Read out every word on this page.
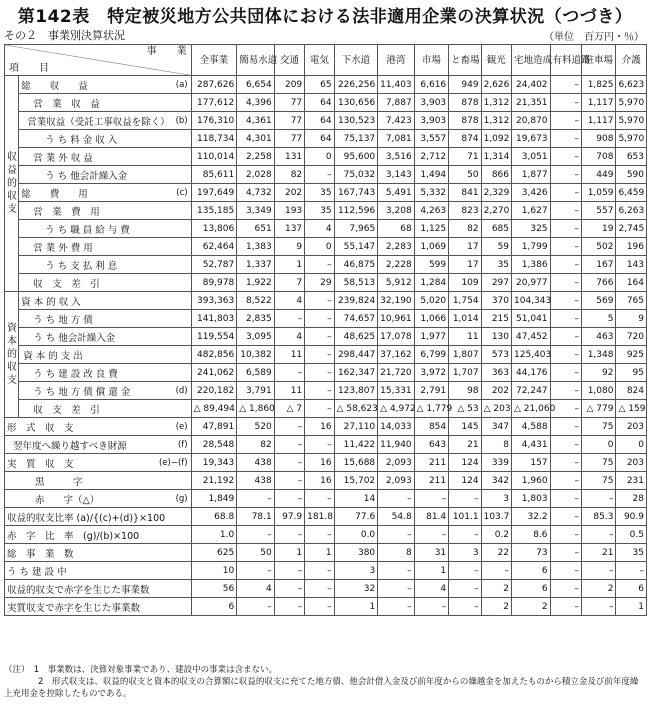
第142表　特定被災地方公共団体における法非適用企業の決算状況（つづき）
その２　事業別決算状況	（単位　百万円・％）
事　　業
項　　目			全事業	簡易水道	交通	電気	下水道	港湾	市場	と畜場	観光	宅地造成	有料道路	駐車場	介護
収益的収支	総　　収　　益	(a)	287,626	6,654	209	65	226,256	11,403	6,616	949	2,626	24,402	–	1,825	6,623
	営　業　収　益		177,612	4,396	77	64	130,656	7,887	3,903	878	1,312	21,351	–	1,117	5,970
	営業収益（受託工事収益を除く）	(b)	176,310	4,361	77	64	130,523	7,423	3,903	878	1,312	20,870	–	1,117	5,970
	う ち 料 金 収 入		118,734	4,301	77	64	75,137	7,081	3,557	874	1,092	19,673	–	908	5,970
	営 業 外 収 益		110,014	2,258	131	0	95,600	3,516	2,712	71	1,314	3,051	–	708	653
	う ち 他会計繰入金		85,611	2,028	82	–	75,032	3,143	1,494	50	866	1,877	–	449	590
	総　　費　　用	(c)	197,649	4,732	202	35	167,743	5,491	5,332	841	2,329	3,426	–	1,059	6,459
	営　業　費　用		135,185	3,349	193	35	112,596	3,208	4,263	823	2,270	1,627	–	557	6,263
	う ち 職 員 給 与 費		13,806	651	137	4	7,965	68	1,125	82	685	325	–	19	2,745
	営 業 外 費 用		62,464	1,383	9	0	55,147	2,283	1,069	17	59	1,799	–	502	196
	う ち 支 払 利 息		52,787	1,337	1	–	46,875	2,228	599	17	35	1,386	–	167	143
	収　支　差　引		89,978	1,922	7	29	58,513	5,912	1,284	109	297	20,977	–	766	164
資本的収支	資 本 的 収 入		393,363	8,522	4	–	239,824	32,190	5,020	1,754	370	104,343	–	569	765
	う ち 地 方 債		141,803	2,835	–	–	74,657	10,961	1,066	1,014	215	51,041	–	5	9
	う ち 他会計繰入金		119,554	3,095	4	–	48,625	17,078	1,977	11	130	47,452	–	463	720
	資 本 的 支 出		482,856	10,382	11	–	298,447	37,162	6,799	1,807	573	125,403	–	1,348	925
	う ち 建 設 改 良 費		241,062	6,589	–	–	162,347	21,720	3,972	1,707	363	44,176	–	92	95
	う ち 地 方 債 償 還 金	(d)	220,182	3,791	11	–	123,807	15,331	2,791	98	202	72,247	–	1,080	824
	収　支　差　引		△ 89,494	△ 1,860	△ 7	–	△ 58,623	△ 4,972	△ 1,779	△ 53	△ 203	△ 21,060	–	△ 779	△ 159
形　式　収　支		(e)	47,891	520	–	16	27,110	14,033	854	145	347	4,588	–	75	203
翌年度へ繰り越すべき財源		(f)	28,548	82	–	–	11,422	11,940	643	21	8	4,431	–	0	0
実　質　収　支		(e)−(f)	19,343	438	–	16	15,688	2,093	211	124	339	157	–	75	203
黒　　　字			21,192	438	–	16	15,702	2,093	211	124	342	1,960	–	75	231
赤　　字（△）		(g)	1,849	–	–	–	14	–	–	–	3	1,803	–	–	28
収益的収支比率 (a)/{(c)+(d)}×100			68.8	78.1	97.9	181.8	77.6	54.8	81.4	101.1	103.7	32.2	–	85.3	90.9
赤　字　比　率　(g)/(b)×100			1.0	–	–	–	0.0	–	–	–	0.2	8.6	–	–	0.5
総　事　業　数			625	50	1	1	380	8	31	3	22	73	–	21	35
う ち 建 設 中			10	–	–	–	3	–	1	–	–	6	–	–	–
収益的収支で赤字を生じた事業数			56	4	–	–	32	–	4	–	2	6	–	2	6
実質収支で赤字を生じた事業数			6	–	–	–	1	–	–	–	2	2	–	–	1
（注）　1　事業数は、決算対象事業であり、建設中の事業は含まない。
　　　　2　形式収支は、収益的収支と資本的収支の合算額に収益的収支に充てた地方債、他会計借入金及び前年度からの繰越金を加えたものから積立金及び前年度繰上充用金を控除したものである。
